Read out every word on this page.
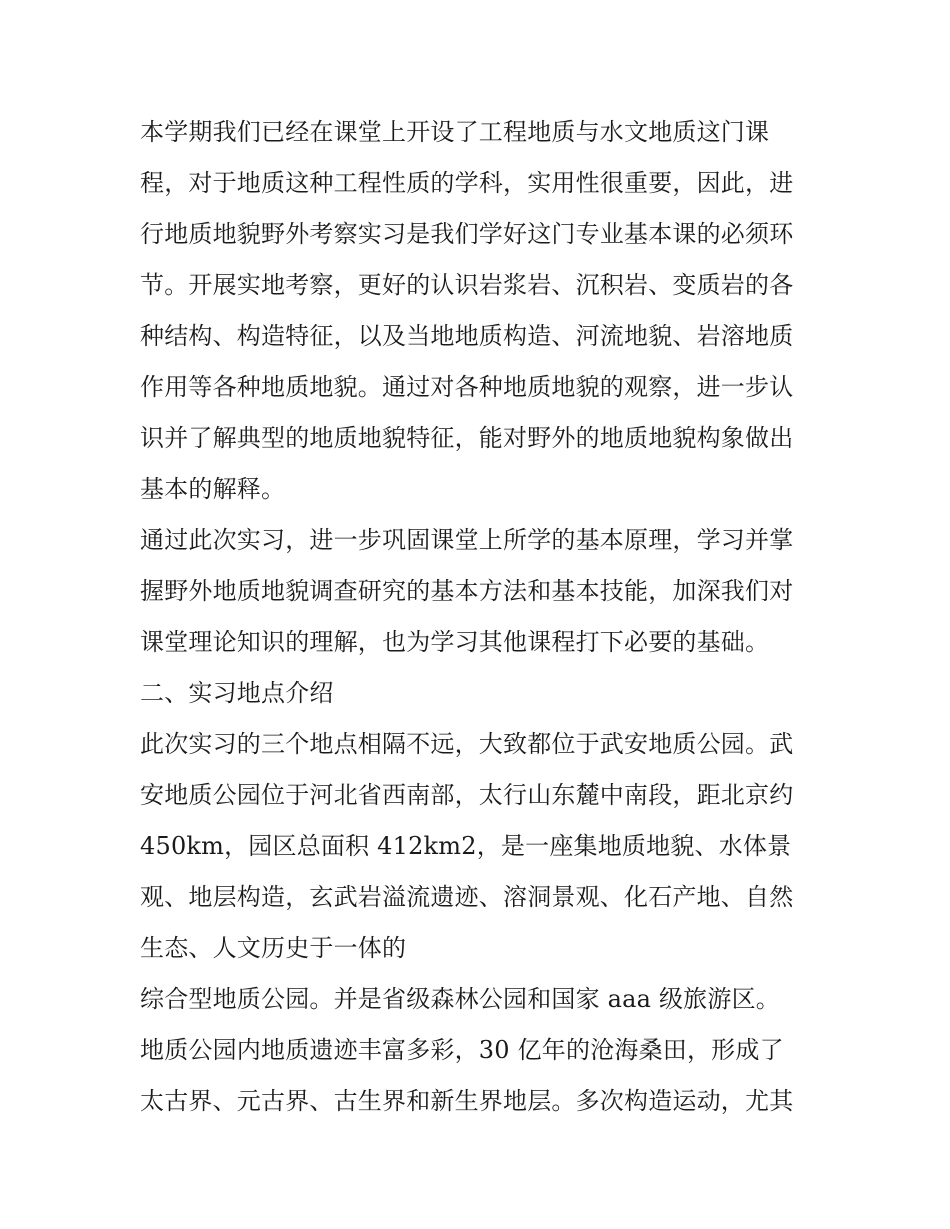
本学期我们已经在课堂上开设了工程地质与水文地质这门课
程，对于地质这种工程性质的学科，实用性很重要，因此，进
行地质地貌野外考察实习是我们学好这门专业基本课的必须环
节。开展实地考察，更好的认识岩浆岩、沉积岩、变质岩的各
种结构、构造特征，以及当地地质构造、河流地貌、岩溶地质
作用等各种地质地貌。通过对各种地质地貌的观察，进一步认
识并了解典型的地质地貌特征，能对野外的地质地貌构象做出
基本的解释。
通过此次实习，进一步巩固课堂上所学的基本原理，学习并掌
握野外地质地貌调查研究的基本方法和基本技能，加深我们对
课堂理论知识的理解，也为学习其他课程打下必要的基础。
二、实习地点介绍
此次实习的三个地点相隔不远，大致都位于武安地质公园。武
安地质公园位于河北省西南部，太行山东麓中南段，距北京约
450km，园区总面积 412km2，是一座集地质地貌、水体景
观、地层构造，玄武岩溢流遗迹、溶洞景观、化石产地、自然
生态、人文历史于一体的
综合型地质公园。并是省级森林公园和国家 aaa 级旅游区。
地质公园内地质遗迹丰富多彩，30 亿年的沧海桑田，形成了
太古界、元古界、古生界和新生界地层。多次构造运动，尤其
